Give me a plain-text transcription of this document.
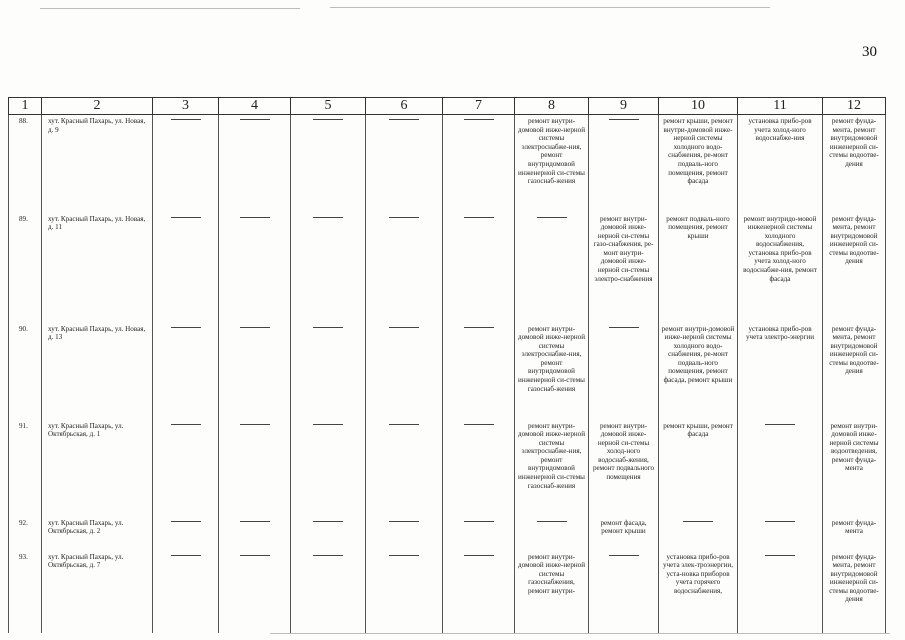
30
1	2	3	4	5	6	7	8	9	10	11	12
88.	хут. Красный Пахарь, ул. Новая, д. 9						ремонт внутри-домовой инже-нерной системы электроснабже-ния, ремонт внутридомовой инженерной си-стемы газоснаб-жения		ремонт крыши, ремонт внутри-домовой инже-нерной системы холодного водо-снабжения, ре-монт подваль-ного помещения, ремонт фасада	установка прибо-ров учета холод-ного водоснабже-ния	ремонт фунда-мента, ремонт внутридомовой инженерной си-стемы водоотве-дения
89.	хут. Красный Пахарь, ул. Новая, д. 11							ремонт внутри-домовой инже-нерной си-стемы газо-снабжения, ре-монт внутри-домовой инже-нерной си-стемы электро-снабжения	ремонт подваль-ного помещения, ремонт крыши	ремонт внутридо-мовой инженерной системы холодного водоснабжения, установка прибо-ров учета холод-ного водоснабже-ния, ремонт фасада	ремонт фунда-мента, ремонт внутридомовой инженерной си-стемы водоотве-дения
90.	хут. Красный Пахарь, ул. Новая, д. 13						ремонт внутри-домовой инже-нерной системы электроснабже-ния, ремонт внутридомовой инженерной си-стемы газоснаб-жения		ремонт внутри-домовой инже-нерной системы холодного водо-снабжения, ре-монт подваль-ного помещения, ремонт фасада, ремонт крыши	установка прибо-ров учета электро-энергии	ремонт фунда-мента, ремонт внутридомовой инженерной си-стемы водоотве-дения
91.	хут. Красный Пахарь, ул. Октябрьская, д. 1						ремонт внутри-домовой инже-нерной системы электроснабже-ния, ремонт внутридомовой инженерной си-стемы газоснаб-жения	ремонт внутри-домовой инже-нерной си-стемы холод-ного водоснаб-жения, ремонт подвального помещения	ремонт крыши, ремонт фасада		ремонт внутри-домовой инже-нерной системы водоотведения, ремонт фунда-мента
92.	хут. Красный Пахарь, ул. Октябрьская, д. 2							ремонт фасада, ремонт крыши			ремонт фунда-мента
93.	хут. Красный Пахарь, ул. Октябрьская, д. 7						ремонт внутри-домовой инже-нерной системы газоснабжения, ремонт внутри-		установка прибо-ров учета элек-троэнергии, уста-новка приборов учета горячего водоснабжения,		ремонт фунда-мента, ремонт внутридомовой инженерной си-стемы водоотве-дения
